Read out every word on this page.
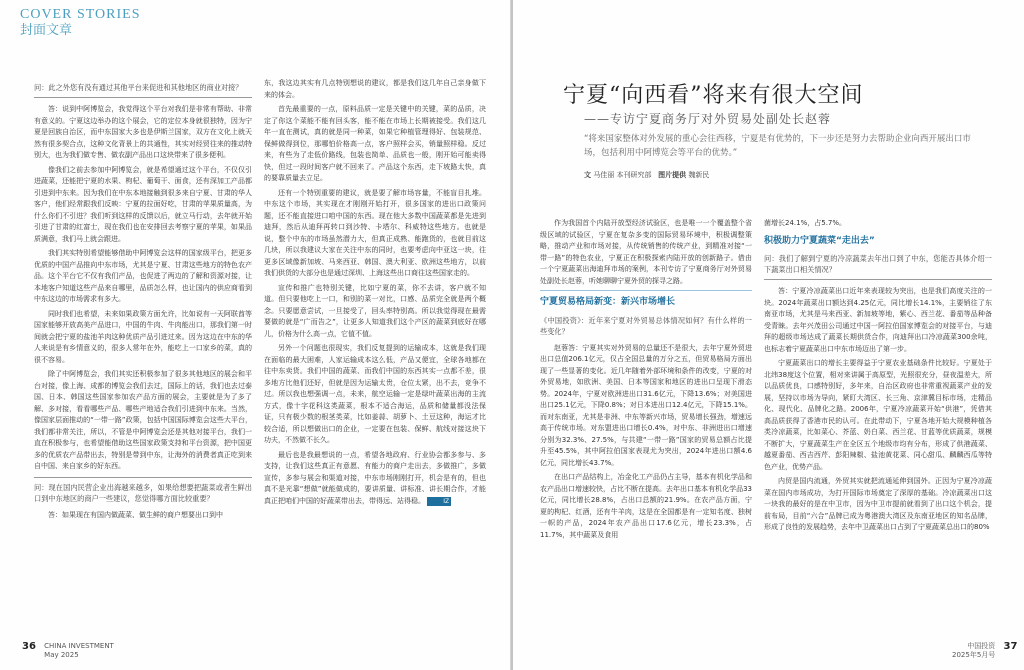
COVER STORIES
封面文章
问：此之外您有没有通过其他平台来促进和其他地区的商业对接？

答：说到中阿博览会，我觉得这个平台对我们是非常有帮助、非常有意义的。宁夏这边举办的这个展会，它的定位本身就很独特，因为宁夏是回族自治区，而中东国家大多也是伊斯兰国家，双方在文化上就天然有很多契合点，这种文化背景上的共通性，其实对经贸往来的推动特别大，也为我们做专售、做农副产品出口这块带来了很多便利。

像我们之前去参加中阿博览会，就是希望通过这个平台，不仅仅引进蔬菜，还能把宁夏的水果、枸杞、葡萄干、面食，还有深加工产品都引进到中东来。因为我们在中东本地接触到很多来自宁夏、甘肃的华人客户，他们经常跟我们反映：宁夏的拉面好吃，甘肃的苹果质量高，为什么你们不引进？我们听到这样的反馈以后，就立马行动，去年就开始引进了甘肃的红富士，现在我们也在安排回去考察宁夏的苹果，如果品质满意，我们马上就会跟进。

我们其实特别希望能够借助中阿博览会这样的国家级平台，把更多优质的中国产品推向中东市场，尤其是宁夏、甘肃这些地方的特色农产品。这个平台它不仅有我们产品，也促进了两边的了解和资源对接，让本地客户知道这些产品来自哪里，品质怎么样，也让国内的供应商看到中东这边的市场需求有多大。

同时我们也希望，未来如果政策方面允许，比如说有一天阿联酋等国家能够开放高美产品进口，中国的牛肉、牛肉能出口，那我们第一时间就会把宁夏的盐池羊肉这种优质产品引进过来。因为这边在中东的华人来说是有乡情意义的，很多人常年在外，能吃上一口家乡的菜，真的很不容易。

除了中阿博览会，我们其实还积极参加了很多其他地区的展会和平台对接，像上海、成都的博览会我们去过，国际上的话，我们也去过泰国、日本、韩国这些国家参加农产品方面的展会，主要就是为了多了解、多对接，看看哪些产品、哪些产地适合我们引进到中东来。当然，像国家层面推动的“一带一路”政策，包括中国国际博览会这些大平台，我们都非常关注，所以，不管是中阿博览会还是其他对接平台，我们一直在积极参与，也希望能借助这些国家政策支持和平台资源，把中国更多的优质农产品带出去，特别是带到中东，让海外的消费者真正吃到来自中国、来自家乡的好东西。

问：现在国内民营企业出海越来越多，如果给想要把蔬菜或者生鲜出口到中东地区的商户一些建议，您觉得哪方面比较重要？

答：如果现在有国内做蔬菜、做生鲜的商户想要出口到中

东，我这边其实有几点特别想说的建议，都是我们这几年自己亲身做下来的体会。

首先最重要的一点，原料品质一定是关键中的关键，菜的品质，决定了你这个菜能不能有回头客，能不能在市场上长期被接受。我们这几年一直在测试，真的就是同一种菜，如果它种植管理得好、包装规范、保鲜做得到位，那哪怕价格高一点，客户照样会买，销量照样稳。反过来，有些为了走低价路线，包装也简单、品质也一般，刚开始可能卖得快，但过一段时间客户就不回来了。产品这个东西，走下坡路太快，真的要靠质量去立足。

还有一个特别重要的建议，就是要了解市场容量，不能盲目扎堆。中东这个市场，其实现在才刚刚开始打开，很多国家的进出口政策问题，还不能直接进口咱中国的东西。现在他大多数中国蔬菜都是先进到迪拜，然后从迪拜再转口到沙特、卡塔尔、科威特这些地方。也就是说，整个中东的市场虽然潜力大，但真正成熟、能跑货的，也就目前这几块，所以我建议大家在关注中东的同时，也要考虑向中亚这一块，往更多区域像新加坡、马来西亚、韩国、澳大利亚、欧洲这些地方，以前我们供货的大部分也是通过深圳、上海这些出口商往这些国家走的。

宣传和推广也特别关键，比如宁夏的菜，你不去讲，客户就不知道。但只要他吃上一口，和别的菜一对比，口感、品质完全就是两个概念。只要愿意尝试，一旦接受了，回头率特别高。所以我觉得现在最需要做的就是“广而告之”，让更多人知道我们这个产区的蔬菜到底好在哪儿，价格为什么高一点，它值不值。

另外一个问题也很现实，我们反复提到的运输成本，这就是我们现在面临的最大困难，人家运输成本这么低，产品又便宜，全球各地都在往中东卖货。我们中国的蔬菜、而我们中国的东西其实一点都不差，很多地方比他们还好，但就是因为运输太贵，仓位太紧，出不去，竞争不过。所以我也想强调一点，未来，航空运输一定是绿叶蔬菜出海的主流方式，像十字花科这类蔬菜，根本不适合海运，品质和储量都没法保证，只有极少数的根茎类菜，比如姜蒜、胡萝卜、土豆这种，海运才比较合适，所以想做出口的企业，一定要在包装、保鲜、航线对接这块下功夫，不然做不长久。

最后也是我最想说的一点，希望各地政府、行业协会都多参与、多支持，让我们这些真正有意愿、有能力的商户走出去，多做推广，多做宣传，多参与展会和渠道对接，中东市场刚刚打开，机会是有的，但也真不是光靠“想做”就能做成的，要讲质量、讲标准、讲长期合作，才能真正把咱们中国的好蔬菜带出去，带得远、站得稳。	IZ

36 CHINA INVESTMENT
May 2025
宁夏“向西看”将来有很大空间
——专访宁夏商务厅对外贸易处副处长赵蓉
“将来国家整体对外发展的重心会往西移，宁夏是有优势的，下一步还是努力去帮助企业向西开展出口市场，包括利用中阿博览会等平台的优势。”
文 马佳丽 本刊研究部 图片提供 魏新民

作为我国首个内陆开放型经济试验区，也是唯一一个覆盖整个省级区域的试验区，宁夏在复杂多变的国际贸易环境中，积极调整策略，推动产业和市场对接，从传统销售的传统产业，到精准对接“一带一路”的特色农业，宁夏正在积极探索内陆开放的创新路子。借由一个宁夏蔬菜出海迪拜市场的案例，本刊专访了宁夏商务厅对外贸易处副处长赵蓉，听她聊聊宁夏外贸的探寻之路。

宁夏贸易格局新变：新兴市场增长
《中国投资》：近年来宁夏对外贸易总体情况如何？有什么样的一些变化？

赵蓉答：宁夏其实对外贸易的总量还不是很大，去年宁夏外贸进出口总值206.1亿元，仅占全国总量的万分之五，但贸易格局方面出现了一些显著的变化。近几年随着外部环境和条件的改变，宁夏的对外贸易地，如欧洲、美国、日本等国家和地区的进出口呈现下滑态势。2024年，宁夏对欧洲进出口31.6亿元，下降13.6%；对美国进出口25.1亿元，下降0.8%；对日本进出口12.4亿元，下降15.1%。而对东南亚，尤其是非洲、中东等新兴市场，贸易增长强劲，增速远高于传统市场。对东盟进出口增长0.4%，对中东、非洲进出口增速分别为32.3%、27.5%，与共建“一带一路”国家的贸易总额占比提升至45.5%，其中阿拉伯国家表现尤为突出，2024年进出口额4.6亿元，同比增长43.7%。

在出口产品结构上，冶金化工产品仍占主导，基本有机化学品和农产品出口增速较快，占比不断在提高。去年出口基本有机化学品33亿元，同比增长28.8%，占出口总额的21.9%。在农产品方面，宁夏的枸杞、红酒，还有牛羊肉，这是在全国都是有一定知名度、独树一帜的产品，2024年农产品出口17.6亿元，增长23.3%，占11.7%，其中蔬菜及食用

菌增长24.1%，占5.7%。

积极助力宁夏蔬菜“走出去”
问：我们了解到宁夏的冷凉蔬菜去年出口到了中东，您能否具体介绍一下蔬菜出口相关情况？

答：宁夏冷凉蔬菜出口近年来表现较为突出，也是我们高度关注的一块。2024年蔬菜出口额达到4.25亿元，同比增长14.1%，主要销往了东南亚市场，尤其是马来西亚、新加坡等地，紫心、西兰花、番茄等品种备受青睐。去年兴茂田公司通过中国一阿拉伯国家博览会的对接平台，与迪拜的超级市场达成了蔬菜长期供货合作，向迪拜出口冷凉蔬菜300余吨，也标志着宁夏蔬菜出口中东市场迈出了第一步。

宁夏蔬菜出口的增长主要得益于宁夏农业基础条件比较好。宁夏处于北纬38度这个位置，相对来讲属于高原型，光照很充分，昼夜温差大，所以品质优良，口感特别好，多年来，自治区政府也非常重视蔬菜产业的发展，坚持以市场为导向，紧盯大湾区、长三角、京津冀目标市场，走精品化、现代化、品牌化之路。2006年，宁夏冷凉蔬菜开始“供港”，凭借其高品质获得了香港市民的认可。在此带动下，宁夏各地开始大规模种植各类冷凉蔬菜，比如菜心、芥蓝、奶白菜、西兰花、甘蓝等优质蔬菜，规模不断扩大，宁夏蔬菜生产在全区五个地级市均有分布，形成了供港蔬菜、越夏番茄、西吉西芹、彭阳辣椒、盐池黄花菜、同心甜瓜、麟麟西瓜等特色产业，优势产品。

内贸是国内流通，外贸其实就把流通延伸到国外。正因为宁夏冷凉蔬菜在国内市场成功，为打开国际市场奠定了深厚的基础。冷凉蔬菜出口这一块我的最好的是在中卫市，因为中卫市提前就看到了出口这个机会，提前布局，目前“六合”品牌已成为粤港澳大湾区及东南亚地区的知名品牌，形成了良性的发展趋势，去年中卫蔬菜出口占到了宁夏蔬菜总出口的80%

中国投资
2025年5月号 37
